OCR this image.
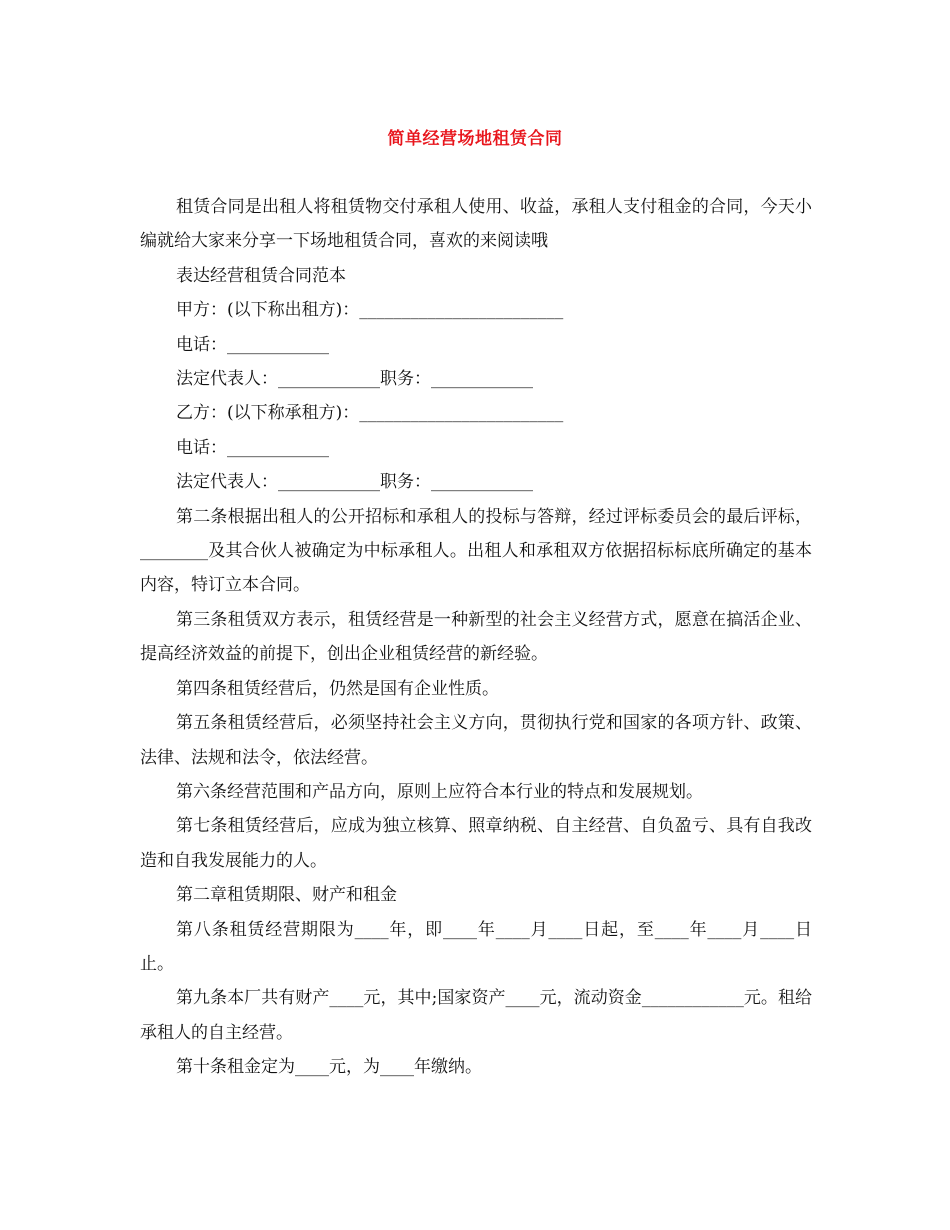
简单经营场地租赁合同

租赁合同是出租人将租赁物交付承租人使用、收益，承租人支付租金的合同，今天小编就给大家来分享一下场地租赁合同，喜欢的来阅读哦

表达经营租赁合同范本

甲方：(以下称出租方)：________________________

电话：____________

法定代表人：____________职务：____________

乙方：(以下称承租方)：________________________

电话：____________

法定代表人：____________职务：____________

第二条根据出租人的公开招标和承租人的投标与答辩，经过评标委员会的最后评标，________及其合伙人被确定为中标承租人。出租人和承租双方依据招标标底所确定的基本内容，特订立本合同。

第三条租赁双方表示，租赁经营是一种新型的社会主义经营方式，愿意在搞活企业、提高经济效益的前提下，创出企业租赁经营的新经验。

第四条租赁经营后，仍然是国有企业性质。

第五条租赁经营后，必须坚持社会主义方向，贯彻执行党和国家的各项方针、政策、法律、法规和法令，依法经营。

第六条经营范围和产品方向，原则上应符合本行业的特点和发展规划。

第七条租赁经营后，应成为独立核算、照章纳税、自主经营、自负盈亏、具有自我改造和自我发展能力的人。

第二章租赁期限、财产和租金

第八条租赁经营期限为____年，即____年____月____日起，至____年____月____日止。

第九条本厂共有财产____元，其中;国家资产____元，流动资金____________元。租给承租人的自主经营。

第十条租金定为____元，为____年缴纳。
